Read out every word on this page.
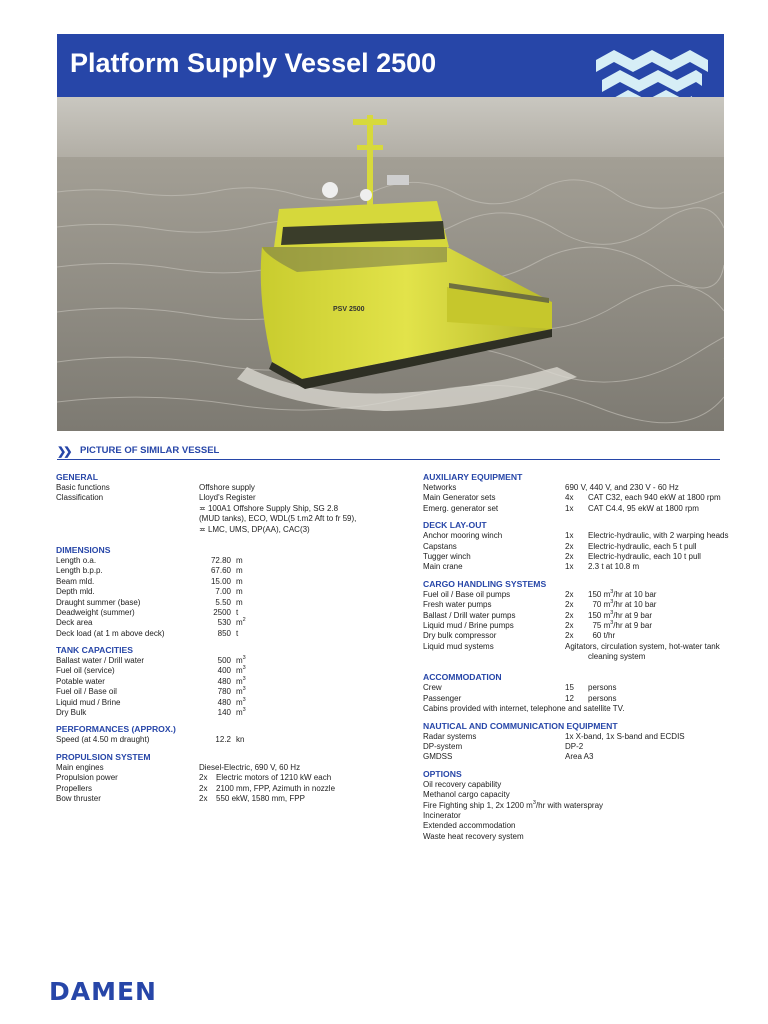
Platform Supply Vessel 2500
PSV 2500
❯❯ PICTURE OF SIMILAR VESSEL
GENERAL
Basic functions	Offshore supply
Classification	Lloyd's Register
≖ 100A1 Offshore Supply Ship, SG 2.8
(MUD tanks), ECO, WDL(5 t.m2 Aft to fr 59),
≖ LMC, UMS, DP(AA), CAC(3)
DIMENSIONS
Length o.a.	72.80 m
Length b.p.p.	67.60 m
Beam mld.	15.00 m
Depth mld.	7.00 m
Draught summer (base)	5.50 m
Deadweight (summer)	2500 t
Deck area	530 $m^2$
Deck load (at 1 m above deck)	850 t
TANK CAPACITIES
Ballast water / Drill water	500 $m^3$
Fuel oil (service)	400 $m^3$
Potable water	480 $m^3$
Fuel oil / Base oil	780 $m^3$
Liquid mud / Brine	480 $m^3$
Dry Bulk	140 $m^3$
PERFORMANCES (APPROX.)
Speed (at 4.50 m draught)	12.2 kn
PROPULSION SYSTEM
Main engines	Diesel-Electric, 690 V, 60 Hz
Propulsion power	2x Electric motors of 1210 kW each
Propellers	2x 2100 mm, FPP, Azimuth in nozzle
Bow thruster	2x 550 ekW, 1580 mm, FPP
AUXILIARY EQUIPMENT
Networks	690 V, 440 V, and 230 V - 60 Hz
Main Generator sets	4x CAT C32, each 940 ekW at 1800 rpm
Emerg. generator set	1x CAT C4.4, 95 ekW at 1800 rpm
DECK LAY-OUT
Anchor mooring winch	1x Electric-hydraulic, with 2 warping heads
Capstans	2x Electric-hydraulic, each 5 t pull
Tugger winch	2x Electric-hydraulic, each 10 t pull
Main crane	1x 2.3 t at 10.8 m
CARGO HANDLING SYSTEMS
Fuel oil / Base oil pumps	2x 150 $m^3/hr$ at 10 bar
Fresh water pumps	2x 70 $m^3/hr$ at 10 bar
Ballast / Drill water pumps	2x 150 $m^3/hr$ at 9 bar
Liquid mud / Brine pumps	2x 75 $m^3/hr$ at 9 bar
Dry bulk compressor	2x 60 t/hr
Liquid mud systems	Agitators, circulation system, hot-water tank
cleaning system
ACCOMMODATION
Crew	15 persons
Passenger	12 persons
Cabins provided with internet, telephone and satellite TV.
NAUTICAL AND COMMUNICATION EQUIPMENT
Radar systems	1x X-band, 1x S-band and ECDIS
DP-system	DP-2
GMDSS	Area A3
OPTIONS
Oil recovery capability
Methanol cargo capacity
Fire Fighting ship 1, 2x 1200 $m^3/hr$ with waterspray
Incinerator
Extended accommodation
Waste heat recovery system
DAMEN
